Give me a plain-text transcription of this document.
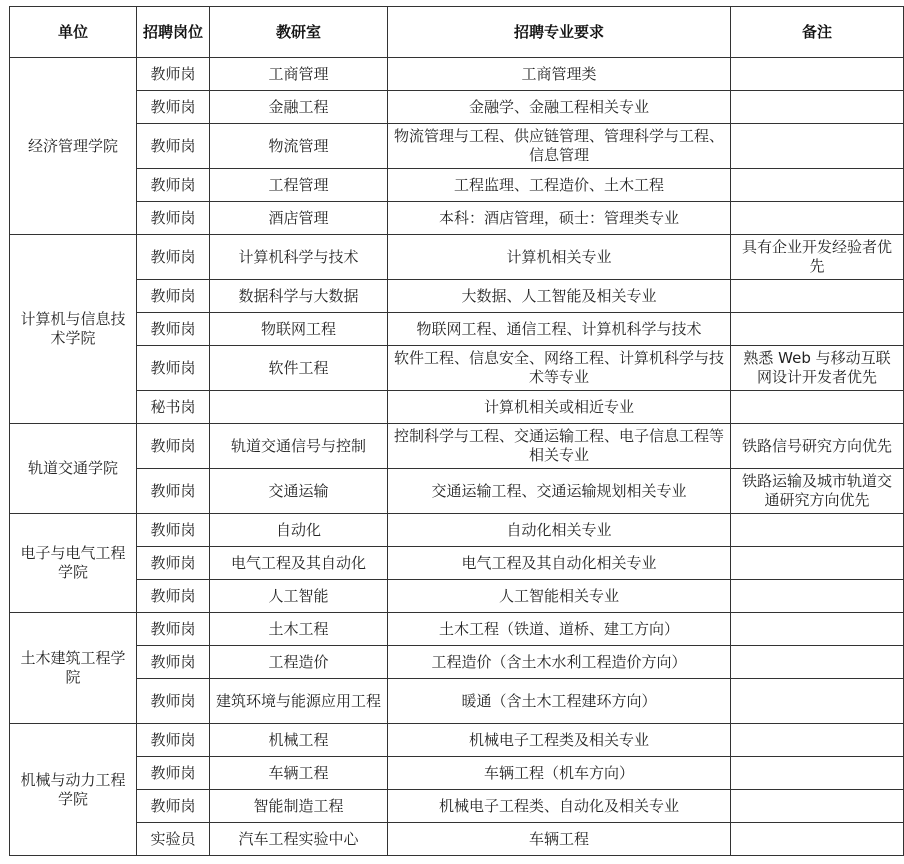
单位	招聘岗位	教研室	招聘专业要求	备注
经济管理学院	教师岗	工商管理	工商管理类	
	教师岗	金融工程	金融学、金融工程相关专业	
	教师岗	物流管理	物流管理与工程、供应链管理、管理科学与工程、信息管理	
	教师岗	工程管理	工程监理、工程造价、土木工程	
	教师岗	酒店管理	本科：酒店管理，硕士：管理类专业	
计算机与信息技术学院	教师岗	计算机科学与技术	计算机相关专业	具有企业开发经验者优先
	教师岗	数据科学与大数据	大数据、人工智能及相关专业	
	教师岗	物联网工程	物联网工程、通信工程、计算机科学与技术	
	教师岗	软件工程	软件工程、信息安全、网络工程、计算机科学与技术等专业	熟悉 Web 与移动互联网设计开发者优先
	秘书岗		计算机相关或相近专业	
轨道交通学院	教师岗	轨道交通信号与控制	控制科学与工程、交通运输工程、电子信息工程等相关专业	铁路信号研究方向优先
	教师岗	交通运输	交通运输工程、交通运输规划相关专业	铁路运输及城市轨道交通研究方向优先
电子与电气工程学院	教师岗	自动化	自动化相关专业	
	教师岗	电气工程及其自动化	电气工程及其自动化相关专业	
	教师岗	人工智能	人工智能相关专业	
土木建筑工程学院	教师岗	土木工程	土木工程（铁道、道桥、建工方向）	
	教师岗	工程造价	工程造价（含土木水利工程造价方向）	
	教师岗	建筑环境与能源应用工程	暖通（含土木工程建环方向）	
机械与动力工程学院	教师岗	机械工程	机械电子工程类及相关专业	
	教师岗	车辆工程	车辆工程（机车方向）	
	教师岗	智能制造工程	机械电子工程类、自动化及相关专业	
	实验员	汽车工程实验中心	车辆工程	
